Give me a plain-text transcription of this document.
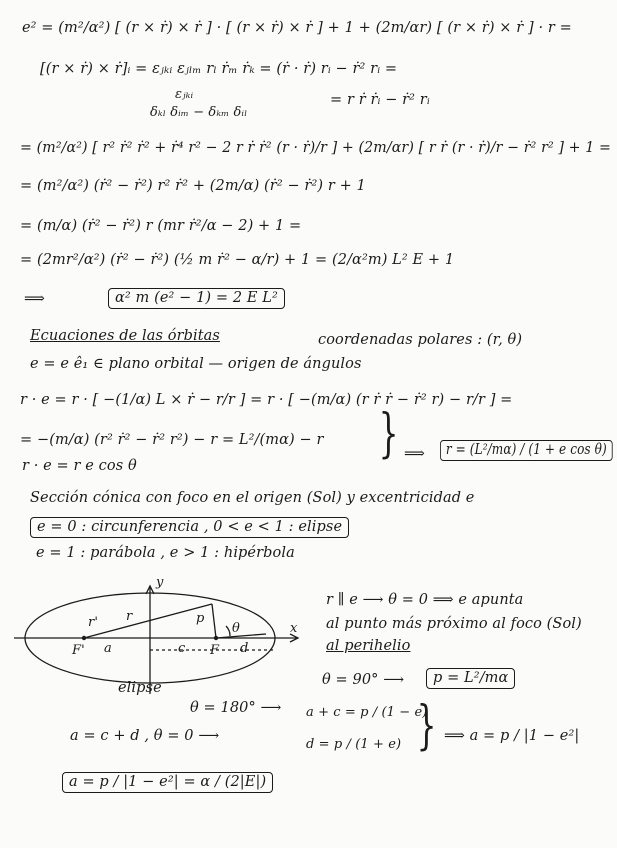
e² = (m²/α²) [ (r × ṙ) × ṙ ] · [ (r × ṙ) × ṙ ] + 1 + (2m/αr) [ (r × ṙ) × ṙ ] · r =
[(r × ṙ) × ṙ]ᵢ = εⱼₖᵢ εⱼₗₘ rₗ ṙₘ ṙₖ = (ṙ · ṙ) rᵢ − ṙ² rᵢ =
εⱼₖᵢ
δₖₗ δᵢₘ − δₖₘ δᵢₗ
= r ṙ ṙᵢ − ṙ² rᵢ
= (m²/α²) [ r² ṙ² ṙ² + ṙ⁴ r² − 2 r ṙ ṙ² (r · ṙ)/r ] + (2m/αr) [ r ṙ (r · ṙ)/r − ṙ² r² ] + 1 =
= (m²/α²) (ṙ² − ṙ²) r² ṙ² + (2m/α) (ṙ² − ṙ²) r + 1
= (m/α) (ṙ² − ṙ²) r (mr ṙ²/α − 2) + 1 =
= (2mr²/α²) (ṙ² − ṙ²) (½ m ṙ² − α/r) + 1 = (2/α²m) L² E + 1
⟹	α² m (e² − 1) = 2 E L²
Ecuaciones de las órbitas	coordenadas polares : (r, θ)
e = e ê₁ ∈ plano orbital — origen de ángulos
r · e = r · [ −(1/α) L × ṙ − r/r ] = r · [ −(m/α) (r ṙ ṙ − ṙ² r) − r/r ] =
= −(m/α) (r² ṙ² − ṙ² r²) − r = L²/(mα) − r
r · e = r e cos θ
} ⟹	r = (L²/mα) / (1 + e cos θ)
Sección cónica con foco en el origen (Sol) y excentricidad e
e = 0 : circunferencia , 0 < e < 1 : elipse
e = 1 : parábola , e > 1 : hipérbola
y
x
p
r
r'	θ
a	c	d
F
F'
elipse
r ∥ e ⟶ θ = 0 ⟹ e apunta
al punto más próximo al foco (Sol)
al perihelio
θ = 90° ⟶	p = L²/mα
θ = 180° ⟶ a + c = p / (1 − e)
a = c + d , θ = 0 ⟶
d = p / (1 + e) } ⟹ a = p / |1 − e²|
a = p / |1 − e²| = α / (2|E|)
